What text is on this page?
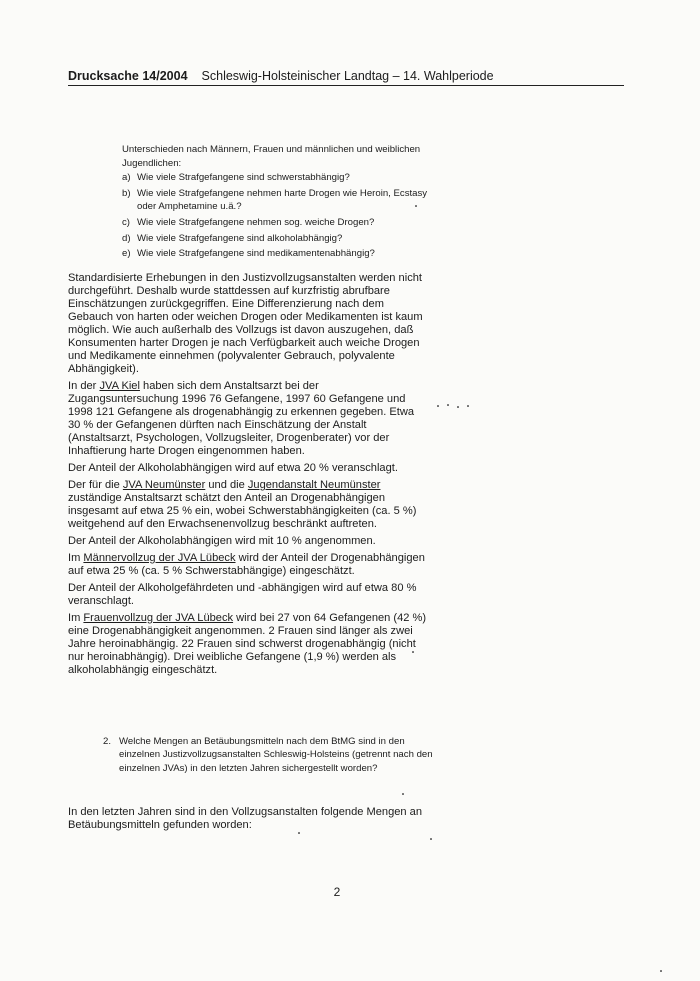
Drucksache 14/2004 Schleswig-Holsteinischer Landtag – 14. Wahlperiode

Unterschieden nach Männern, Frauen und männlichen und weiblichen Jugendlichen:

a) Wie viele Strafgefangene sind schwerstabhängig?
b) Wie viele Strafgefangene nehmen harte Drogen wie Heroin, Ecstasy oder Amphetamine u.ä.?
c) Wie viele Strafgefangene nehmen sog. weiche Drogen?
d) Wie viele Strafgefangene sind alkoholabhängig?
e) Wie viele Strafgefangene sind medikamentenabhängig?

Standardisierte Erhebungen in den Justizvollzugsanstalten werden nicht durchgeführt. Deshalb wurde stattdessen auf kurzfristig abrufbare Einschätzungen zurückgegriffen. Eine Differenzierung nach dem Gebauch von harten oder weichen Drogen oder Medikamenten ist kaum möglich. Wie auch außerhalb des Vollzugs ist davon auszugehen, daß Konsumenten harter Drogen je nach Verfügbarkeit auch weiche Drogen und Medikamente einnehmen (polyvalenter Gebrauch, polyvalente Abhängigkeit).

In der JVA Kiel haben sich dem Anstaltsarzt bei der Zugangsuntersuchung 1996 76 Gefangene, 1997 60 Gefangene und 1998 121 Gefangene als drogenabhängig zu erkennen gegeben. Etwa 30 % der Gefangenen dürften nach Einschätzung der Anstalt (Anstaltsarzt, Psychologen, Vollzugsleiter, Drogenberater) vor der Inhaftierung harte Drogen eingenommen haben.

Der Anteil der Alkoholabhängigen wird auf etwa 20 % veranschlagt.

Der für die JVA Neumünster und die Jugendanstalt Neumünster zuständige Anstaltsarzt schätzt den Anteil an Drogenabhängigen insgesamt auf etwa 25 % ein, wobei Schwerstabhängigkeiten (ca. 5 %) weitgehend auf den Erwachsenenvollzug beschränkt auftreten.

Der Anteil der Alkoholabhängigen wird mit 10 % angenommen.

Im Männervollzug der JVA Lübeck wird der Anteil der Drogenabhängigen auf etwa 25 % (ca. 5 % Schwerstabhängige) eingeschätzt.

Der Anteil der Alkoholgefährdeten und -abhängigen wird auf etwa 80 % veranschlagt.

Im Frauenvollzug der JVA Lübeck wird bei 27 von 64 Gefangenen (42 %) eine Drogenabhängigkeit angenommen. 2 Frauen sind länger als zwei Jahre heroinabhängig. 22 Frauen sind schwerst drogenabhängig (nicht nur heroinabhängig). Drei weibliche Gefangene (1,9 %) werden als alkoholabhängig eingeschätzt.

2. Welche Mengen an Betäubungsmitteln nach dem BtMG sind in den einzelnen Justizvollzugsanstalten Schleswig-Holsteins (getrennt nach den einzelnen JVAs) in den letzten Jahren sichergestellt worden?

In den letzten Jahren sind in den Vollzugsanstalten folgende Mengen an Betäubungsmitteln gefunden worden:

2
